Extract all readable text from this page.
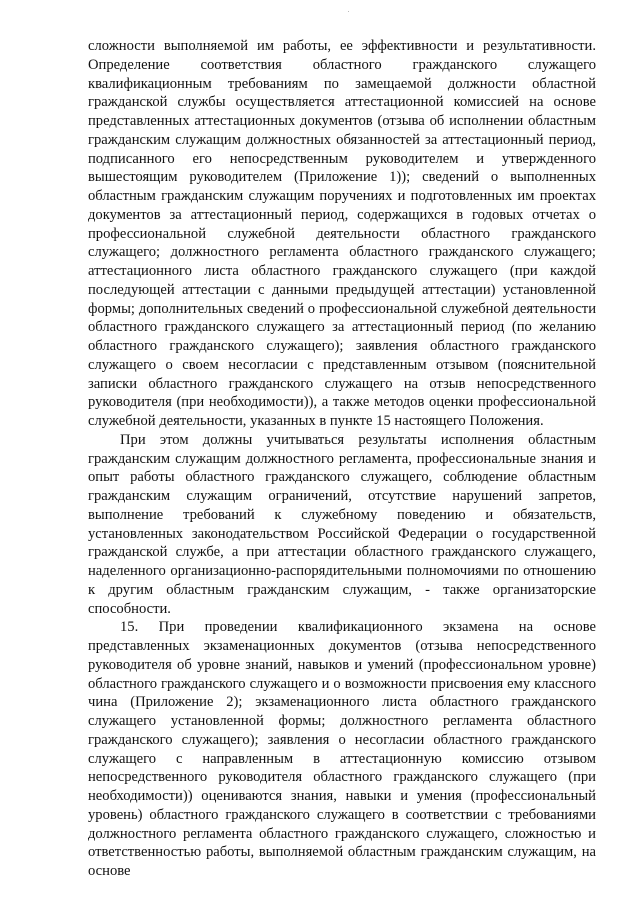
сложности выполняемой им работы, ее эффективности и результативности. Определение соответствия областного гражданского служащего квалификационным требованиям по замещаемой должности областной гражданской службы осуществляется аттестационной комиссией на основе представленных аттестационных документов (отзыва об исполнении областным гражданским служащим должностных обязанностей за аттестационный период, подписанного его непосредственным руководителем и утвержденного вышестоящим руководителем (Приложение 1)); сведений о выполненных областным гражданским служащим поручениях и подготовленных им проектах документов за аттестационный период, содержащихся в годовых отчетах о профессиональной служебной деятельности областного гражданского служащего; должностного регламента областного гражданского служащего; аттестационного листа областного гражданского служащего (при каждой последующей аттестации с данными предыдущей аттестации) установленной формы; дополнительных сведений о профессиональной служебной деятельности областного гражданского служащего за аттестационный период (по желанию областного гражданского служащего); заявления областного гражданского служащего о своем несогласии с представленным отзывом (пояснительной записки областного гражданского служащего на отзыв непосредственного руководителя (при необходимости)), а также методов оценки профессиональной служебной деятельности, указанных в пункте 15 настоящего Положения.

При этом должны учитываться результаты исполнения областным гражданским служащим должностного регламента, профессиональные знания и опыт работы областного гражданского служащего, соблюдение областным гражданским служащим ограничений, отсутствие нарушений запретов, выполнение требований к служебному поведению и обязательств, установленных законодательством Российской Федерации о государственной гражданской службе, а при аттестации областного гражданского служащего, наделенного организационно-распорядительными полномочиями по отношению к другим областным гражданским служащим, - также организаторские способности.

15. При проведении квалификационного экзамена на основе представленных экзаменационных документов (отзыва непосредственного руководителя об уровне знаний, навыков и умений (профессиональном уровне) областного гражданского служащего и о возможности присвоения ему классного чина (Приложение 2); экзаменационного листа областного гражданского служащего установленной формы; должностного регламента областного гражданского служащего); заявления о несогласии областного гражданского служащего с направленным в аттестационную комиссию отзывом непосредственного руководителя областного гражданского служащего (при необходимости)) оцениваются знания, навыки и умения (профессиональный уровень) областного гражданского служащего в соответствии с требованиями должностного регламента областного гражданского служащего, сложностью и ответственностью работы, выполняемой областным гражданским служащим, на основе
